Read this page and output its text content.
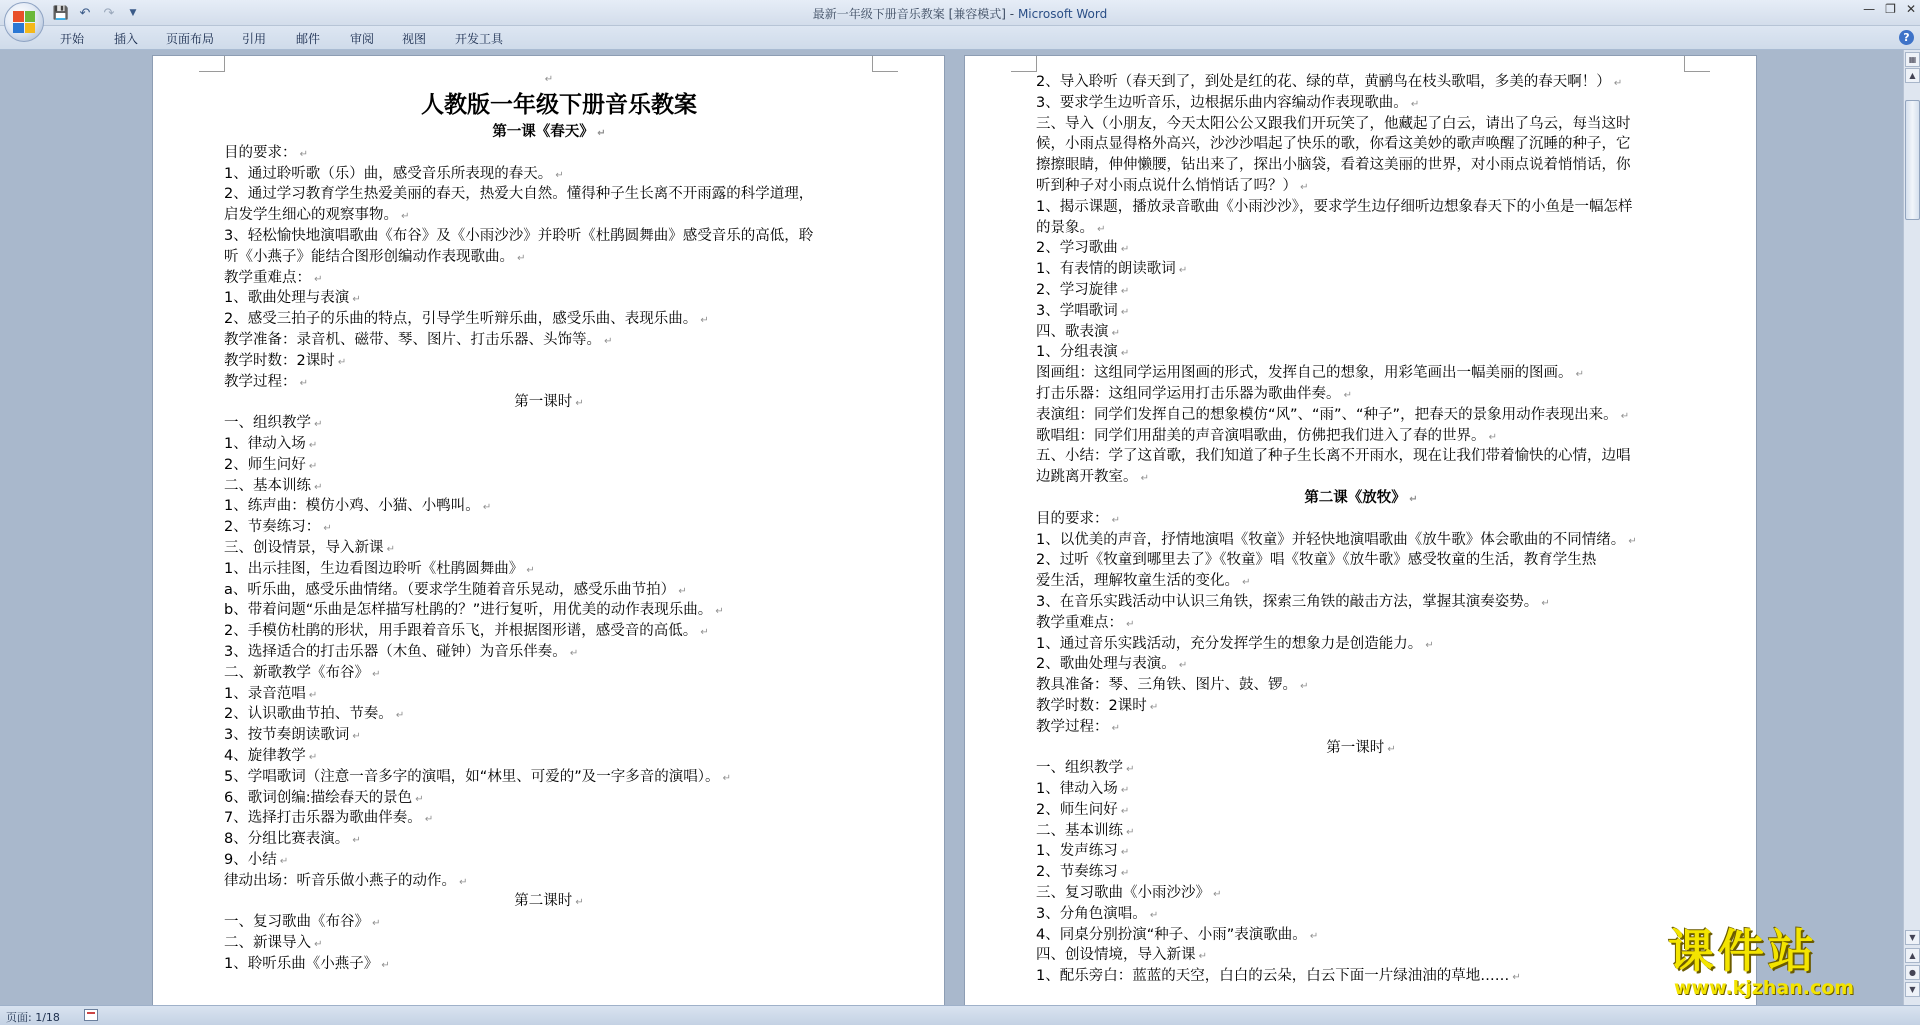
💾 ↶ ↷	▼	最新一年级下册音乐教案 [兼容模式] - Microsoft Word	— ❐ ✕
开始 插入 页面布局 引用 邮件 审阅 视图 开发工具	?
↵
人教版一年级下册音乐教案
第一课《春天》 ↵
目的要求： ↵
1、通过聆听歌（乐）曲，感受音乐所表现的春天。 ↵
2、通过学习教育学生热爱美丽的春天，热爱大自然。懂得种子生长离不开雨露的科学道理，
启发学生细心的观察事物。 ↵
3、轻松愉快地演唱歌曲《布谷》及《小雨沙沙》并聆听《杜鹃圆舞曲》感受音乐的高低，聆
听《小燕子》能结合图形创编动作表现歌曲。 ↵
教学重难点： ↵
1、歌曲处理与表演 ↵
2、感受三拍子的乐曲的特点，引导学生听辩乐曲，感受乐曲、表现乐曲。 ↵
教学准备：录音机、磁带、琴、图片、打击乐器、头饰等。 ↵
教学时数：2课时 ↵
教学过程： ↵
第一课时 ↵
一、组织教学 ↵
1、律动入场 ↵
2、师生问好 ↵
二、基本训练 ↵
1、练声曲：模仿小鸡、小猫、小鸭叫。 ↵
2、节奏练习： ↵
三、创设情景，导入新课 ↵
1、出示挂图，生边看图边聆听《杜鹃圆舞曲》 ↵
a、听乐曲，感受乐曲情绪。（要求学生随着音乐晃动，感受乐曲节拍） ↵
b、带着问题“乐曲是怎样描写杜鹃的？”进行复听，用优美的动作表现乐曲。 ↵
2、手模仿杜鹃的形状，用手跟着音乐飞，并根据图形谱，感受音的高低。 ↵
3、选择适合的打击乐器（木鱼、碰钟）为音乐伴奏。 ↵
二、新歌教学《布谷》 ↵
1、录音范唱 ↵
2、认识歌曲节拍、节奏。 ↵
3、按节奏朗读歌词 ↵
4、旋律教学 ↵
5、学唱歌词（注意一音多字的演唱，如“林里、可爱的”及一字多音的演唱）。 ↵
6、歌词创编:描绘春天的景色 ↵
7、选择打击乐器为歌曲伴奏。 ↵
8、分组比赛表演。 ↵
9、小结 ↵
律动出场：听音乐做小燕子的动作。 ↵
第二课时 ↵
一、复习歌曲《布谷》 ↵
二、新课导入 ↵
1、聆听乐曲《小燕子》 ↵
2、导入聆听（春天到了，到处是红的花、绿的草，黄鹂鸟在枝头歌唱，多美的春天啊！） ↵
3、要求学生边听音乐，边根据乐曲内容编动作表现歌曲。 ↵
三、导入（小朋友，今天太阳公公又跟我们开玩笑了，他藏起了白云，请出了乌云，每当这时
候，小雨点显得格外高兴，沙沙沙唱起了快乐的歌，你看这美妙的歌声唤醒了沉睡的种子，它
擦擦眼睛，伸伸懒腰，钻出来了，探出小脑袋，看着这美丽的世界，对小雨点说着悄悄话，你
听到种子对小雨点说什么悄悄话了吗？） ↵
1、揭示课题，播放录音歌曲《小雨沙沙》，要求学生边仔细听边想象春天下的小鱼是一幅怎样
的景象。 ↵
2、学习歌曲 ↵
1、有表情的朗读歌词 ↵
2、学习旋律 ↵
3、学唱歌词 ↵
四、歌表演 ↵
1、分组表演 ↵
图画组：这组同学运用图画的形式，发挥自己的想象，用彩笔画出一幅美丽的图画。 ↵
打击乐器：这组同学运用打击乐器为歌曲伴奏。 ↵
表演组：同学们发挥自己的想象模仿“风”、“雨”、“种子”，把春天的景象用动作表现出来。 ↵
歌唱组：同学们用甜美的声音演唱歌曲，仿佛把我们进入了春的世界。 ↵
五、小结：学了这首歌，我们知道了种子生长离不开雨水，现在让我们带着愉快的心情，边唱
边跳离开教室。 ↵
第二课《放牧》 ↵
目的要求： ↵
1、以优美的声音，抒情地演唱《牧童》并轻快地演唱歌曲《放牛歌》体会歌曲的不同情绪。 ↵
2、过听《牧童到哪里去了》《牧童》唱《牧童》《放牛歌》感受牧童的生活，教育学生热
爱生活，理解牧童生活的变化。 ↵
3、在音乐实践活动中认识三角铁，探索三角铁的敲击方法，掌握其演奏姿势。 ↵
教学重难点： ↵
1、通过音乐实践活动，充分发挥学生的想象力是创造能力。 ↵
2、歌曲处理与表演。 ↵
教具准备：琴、三角铁、图片、鼓、锣。 ↵
教学时数：2课时 ↵
教学过程： ↵
第一课时 ↵
一、组织教学 ↵
1、律动入场 ↵
2、师生问好 ↵
二、基本训练 ↵
1、发声练习 ↵
2、节奏练习 ↵
三、复习歌曲《小雨沙沙》 ↵
3、分角色演唱。 ↵
4、同桌分别扮演“种子、小雨”表演歌曲。 ↵
四、创设情境，导入新课 ↵
1、配乐旁白：蓝蓝的天空，白白的云朵，白云下面一片绿油油的草地…… ↵
▦
▲
▼
▲
●
▼
页面: 1/18
课件站
www.kjzhan.com
